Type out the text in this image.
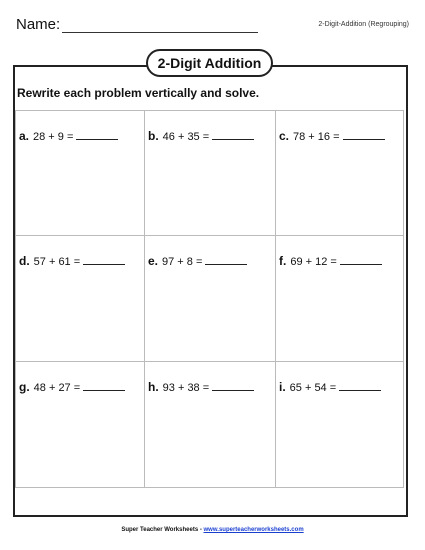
Name:	2-Digit-Addition (Regrouping)
2-Digit Addition
Rewrite each problem vertically and solve.
a. 28 + 9 =	b. 46 + 35 =	c. 78 + 16 =
d. 57 + 61 =	e. 97 + 8 =	f. 69 + 12 =
g. 48 + 27 =	h. 93 + 38 =	i. 65 + 54 =
Super Teacher Worksheets - www.superteacherworksheets.com
